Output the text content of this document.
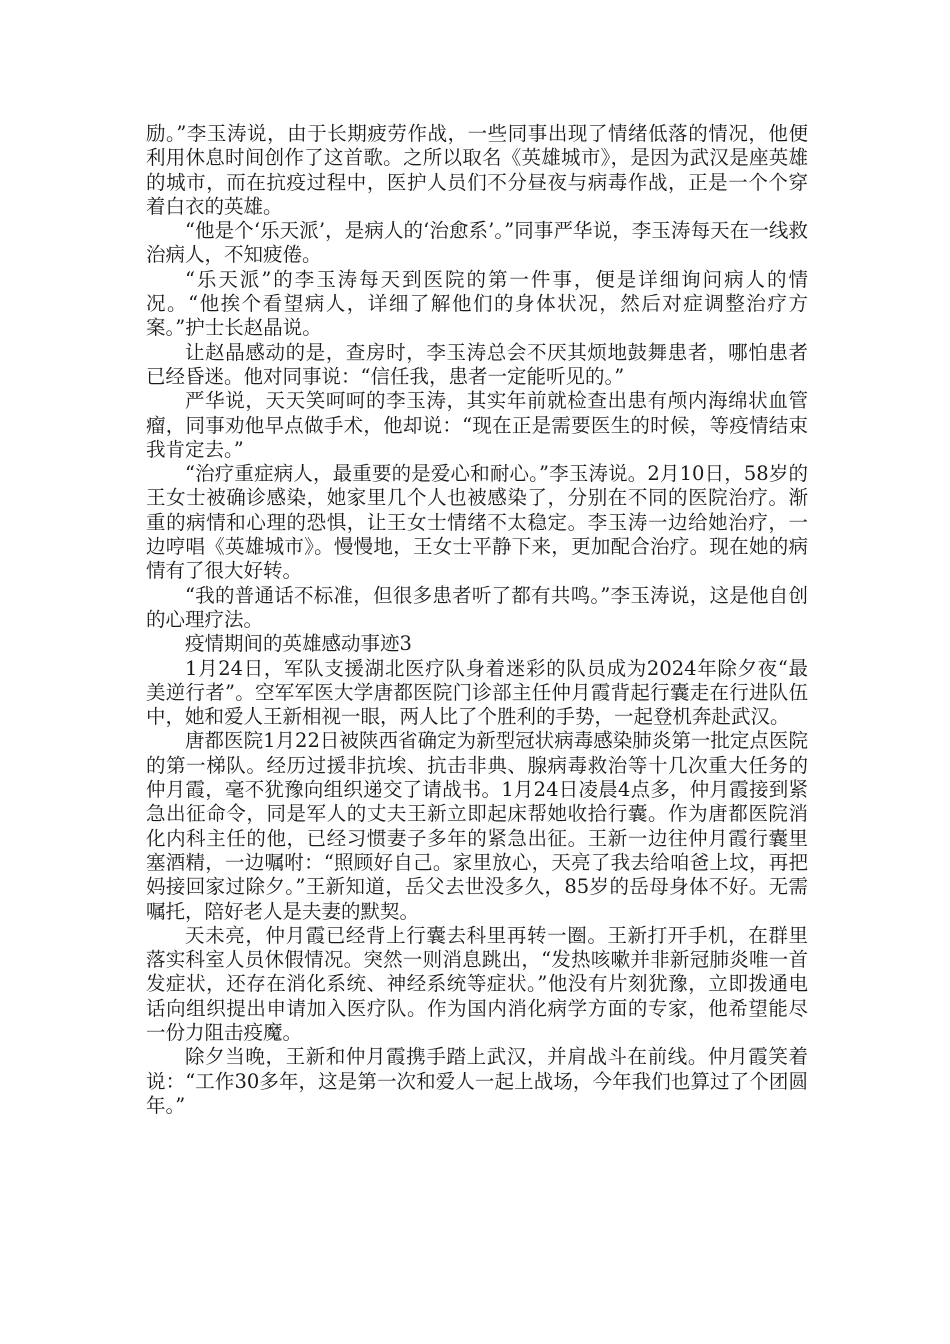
励。”李玉涛说，由于长期疲劳作战，一些同事出现了情绪低落的情况，他便利用休息时间创作了这首歌。之所以取名《英雄城市》，是因为武汉是座英雄的城市，而在抗疫过程中，医护人员们不分昼夜与病毒作战，正是一个个穿着白衣的英雄。

“他是个‘乐天派’，是病人的‘治愈系’。”同事严华说，李玉涛每天在一线救治病人，不知疲倦。

“乐天派”的李玉涛每天到医院的第一件事，便是详细询问病人的情况。“他挨个看望病人，详细了解他们的身体状况，然后对症调整治疗方案。”护士长赵晶说。

让赵晶感动的是，查房时，李玉涛总会不厌其烦地鼓舞患者，哪怕患者已经昏迷。他对同事说：“信任我，患者一定能听见的。”

严华说，天天笑呵呵的李玉涛，其实年前就检查出患有颅内海绵状血管瘤，同事劝他早点做手术，他却说：“现在正是需要医生的时候，等疫情结束我肯定去。”

“治疗重症病人，最重要的是爱心和耐心。”李玉涛说。2月10日，58岁的王女士被确诊感染，她家里几个人也被感染了，分别在不同的医院治疗。渐重的病情和心理的恐惧，让王女士情绪不太稳定。李玉涛一边给她治疗，一边哼唱《英雄城市》。慢慢地，王女士平静下来，更加配合治疗。现在她的病情有了很大好转。

“我的普通话不标准，但很多患者听了都有共鸣。”李玉涛说，这是他自创的心理疗法。

疫情期间的英雄感动事迹3

1月24日，军队支援湖北医疗队身着迷彩的队员成为2024年除夕夜“最美逆行者”。空军军医大学唐都医院门诊部主任仲月霞背起行囊走在行进队伍中，她和爱人王新相视一眼，两人比了个胜利的手势，一起登机奔赴武汉。

唐都医院1月22日被陕西省确定为新型冠状病毒感染肺炎第一批定点医院的第一梯队。经历过援非抗埃、抗击非典、腺病毒救治等十几次重大任务的仲月霞，毫不犹豫向组织递交了请战书。1月24日凌晨4点多，仲月霞接到紧急出征命令，同是军人的丈夫王新立即起床帮她收拾行囊。作为唐都医院消化内科主任的他，已经习惯妻子多年的紧急出征。王新一边往仲月霞行囊里塞酒精，一边嘱咐：“照顾好自己。家里放心，天亮了我去给咱爸上坟，再把妈接回家过除夕。”王新知道，岳父去世没多久，85岁的岳母身体不好。无需嘱托，陪好老人是夫妻的默契。

天未亮，仲月霞已经背上行囊去科里再转一圈。王新打开手机，在群里落实科室人员休假情况。突然一则消息跳出，“发热咳嗽并非新冠肺炎唯一首发症状，还存在消化系统、神经系统等症状。”他没有片刻犹豫，立即拨通电话向组织提出申请加入医疗队。作为国内消化病学方面的专家，他希望能尽一份力阻击疫魔。

除夕当晚，王新和仲月霞携手踏上武汉，并肩战斗在前线。仲月霞笑着说：“工作30多年，这是第一次和爱人一起上战场，今年我们也算过了个团圆年。”
